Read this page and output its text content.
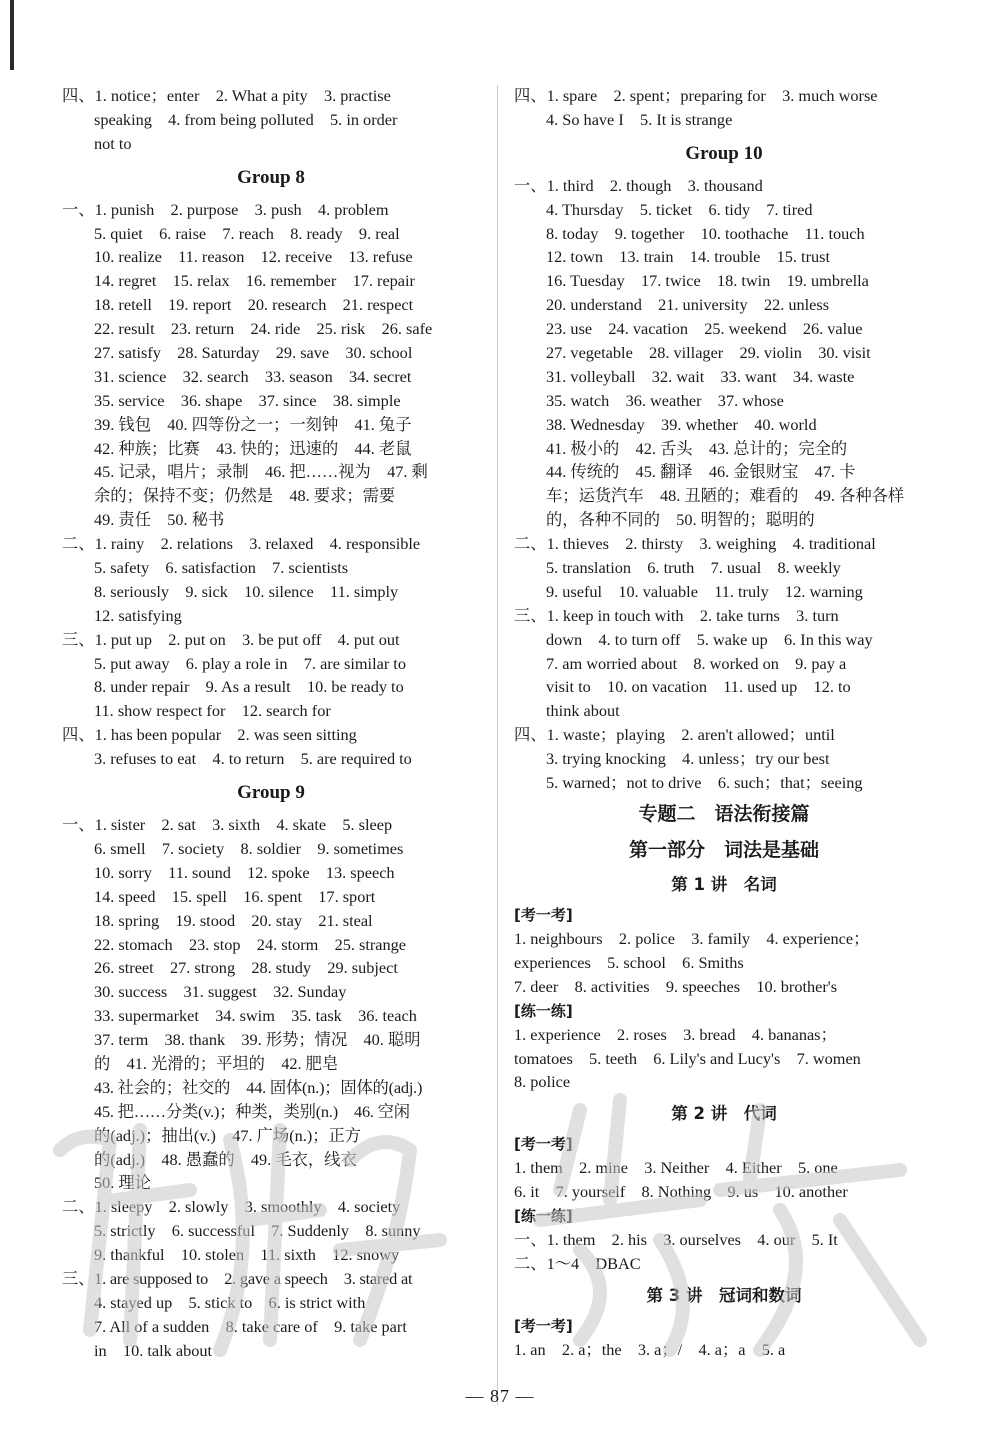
四、1. notice；enter　2. What a pity　3. practise
speaking　4. from being polluted　5. in order
not to
Group 8
一、1. punish　2. purpose　3. push　4. problem
5. quiet　6. raise　7. reach　8. ready　9. real
10. realize　11. reason　12. receive　13. refuse
14. regret　15. relax　16. remember　17. repair
18. retell　19. report　20. research　21. respect
22. result　23. return　24. ride　25. risk　26. safe
27. satisfy　28. Saturday　29. save　30. school
31. science　32. search　33. season　34. secret
35. service　36. shape　37. since　38. simple
39. 钱包　40. 四等份之一；一刻钟　41. 兔子
42. 种族；比赛　43. 快的；迅速的　44. 老鼠
45. 记录，唱片；录制　46. 把……视为　47. 剩
余的；保持不变；仍然是　48. 要求；需要
49. 责任　50. 秘书
二、1. rainy　2. relations　3. relaxed　4. responsible
5. safety　6. satisfaction　7. scientists
8. seriously　9. sick　10. silence　11. simply
12. satisfying
三、1. put up　2. put on　3. be put off　4. put out
5. put away　6. play a role in　7. are similar to
8. under repair　9. As a result　10. be ready to
11. show respect for　12. search for
四、1. has been popular　2. was seen sitting
3. refuses to eat　4. to return　5. are required to
Group 9
一、1. sister　2. sat　3. sixth　4. skate　5. sleep
6. smell　7. society　8. soldier　9. sometimes
10. sorry　11. sound　12. spoke　13. speech
14. speed　15. spell　16. spent　17. sport
18. spring　19. stood　20. stay　21. steal
22. stomach　23. stop　24. storm　25. strange
26. street　27. strong　28. study　29. subject
30. success　31. suggest　32. Sunday
33. supermarket　34. swim　35. task　36. teach
37. term　38. thank　39. 形势；情况　40. 聪明
的　41. 光滑的；平坦的　42. 肥皂
43. 社会的；社交的　44. 固体(n.)；固体的(adj.)
45. 把……分类(v.)；种类，类别(n.)　46. 空闲
的(adj.)；抽出(v.)　47. 广场(n.)；正方
的(adj.)　48. 愚蠢的　49. 毛衣，线衣
50. 理论
二、1. sleepy　2. slowly　3. smoothly　4. society
5. strictly　6. successful　7. Suddenly　8. sunny
9. thankful　10. stolen　11. sixth　12. snowy
三、1. are supposed to　2. gave a speech　3. stared at
4. stayed up　5. stick to　6. is strict with
7. All of a sudden　8. take care of　9. take part
in　10. talk about
四、1. spare　2. spent；preparing for　3. much worse
4. So have I　5. It is strange
Group 10
一、1. third　2. though　3. thousand
4. Thursday　5. ticket　6. tidy　7. tired
8. today　9. together　10. toothache　11. touch
12. town　13. train　14. trouble　15. trust
16. Tuesday　17. twice　18. twin　19. umbrella
20. understand　21. university　22. unless
23. use　24. vacation　25. weekend　26. value
27. vegetable　28. villager　29. violin　30. visit
31. volleyball　32. wait　33. want　34. waste
35. watch　36. weather　37. whose
38. Wednesday　39. whether　40. world
41. 极小的　42. 舌头　43. 总计的；完全的
44. 传统的　45. 翻译　46. 金银财宝　47. 卡
车；运货汽车　48. 丑陋的；难看的　49. 各种各样
的，各种不同的　50. 明智的；聪明的
二、1. thieves　2. thirsty　3. weighing　4. traditional
5. translation　6. truth　7. usual　8. weekly
9. useful　10. valuable　11. truly　12. warning
三、1. keep in touch with　2. take turns　3. turn
down　4. to turn off　5. wake up　6. In this way
7. am worried about　8. worked on　9. pay a
visit to　10. on vacation　11. used up　12. to
think about
四、1. waste；playing　2. aren't allowed；until
3. trying knocking　4. unless；try our best
5. warned；not to drive　6. such；that；seeing
专题二　语法衔接篇
第一部分　词法是基础
第 1 讲　名词
[考一考]
1. neighbours　2. police　3. family　4. experience；
experiences　5. school　6. Smiths
7. deer　8. activities　9. speeches　10. brother's
[练一练]
1. experience　2. roses　3. bread　4. bananas；
tomatoes　5. teeth　6. Lily's and Lucy's　7. women
8. police
第 2 讲　代词
[考一考]
1. them　2. mine　3. Neither　4. Either　5. one
6. it　7. yourself　8. Nothing　9. us　10. another
[练一练]
一、1. them　2. his　3. ourselves　4. our　5. It
二、1～4　DBAC
第 3 讲　冠词和数词
[考一考]
1. an　2. a；the　3. a；/　4. a；a　5. a
— 87 —
